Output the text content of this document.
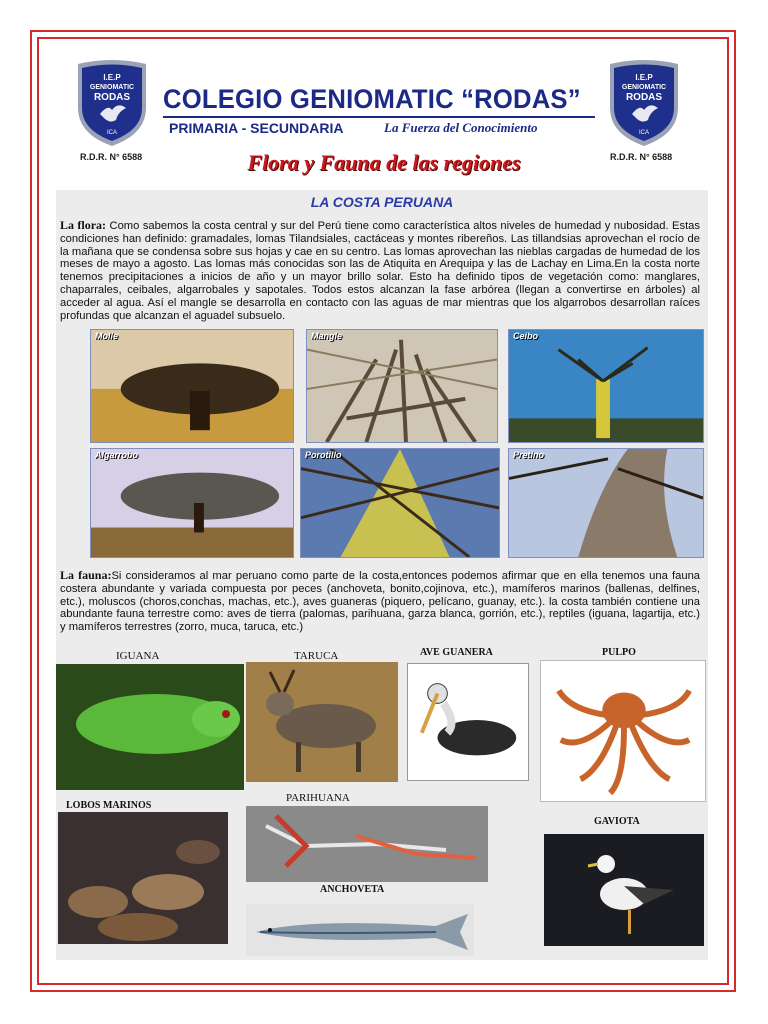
I.E.P
GENIOMATIC
RODAS
ICA
R.D.R. N° 6588
I.E.P
GENIOMATIC
RODAS
ICA
R.D.R. N° 6588
COLEGIO GENIOMATIC “RODAS”
PRIMARIA - SECUNDARIA	La Fuerza del Conocimiento
Flora y Fauna de las regiones
LA COSTA PERUANA
La flora: Como sabemos la costa central y sur del Perú tiene como característica altos niveles de humedad y nubosidad. Estas condiciones han definido: gramadales, lomas Tilandsiales, cactáceas y montes ribereños. Las tillandsias aprovechan el rocío de la mañana que se condensa sobre sus hojas y cae en su centro. Las lomas aprovechan las nieblas cargadas de humedad de los meses de mayo a agosto. Las lomas más conocidas son las de Atiquita en Arequipa y las de Lachay en Lima.En la costa norte tenemos precipitaciones a inicios de año y un mayor brillo solar. Esto ha definido tipos de vegetación como: manglares, chaparrales, ceibales, algarrobales y sapotales. Todos estos alcanzan la fase arbórea (llegan a convertirse en árboles) al acceder al agua. Así el mangle se desarrolla en contacto con las aguas de mar mientras que los algarrobos desarrollan raíces profundas que alcanzan el aguadel subsuelo.
Molle	Mangle	Ceibo
Algarrobo	Porotillo	Pretino
La fauna:Si consideramos al mar peruano como parte de la costa,entonces podemos afirmar que en ella tenemos una fauna costera abundante y variada compuesta por peces (anchoveta, bonito,cojinova, etc.), mamíferos marinos (ballenas, delfines, etc.), moluscos (choros,conchas, machas, etc.), aves guaneras (piquero, pelícano, guanay, etc.). la costa también contiene una abundante fauna terrestre como: aves de tierra (palomas, parihuana, garza blanca, gorrión, etc.), reptiles (iguana, lagartija, etc.) y mamíferos terrestres (zorro, muca, taruca, etc.)
IGUANA	TARUCA	AVE GUANERA	PULPO
LOBOS MARINOS
PARIHUANA
ANCHOVETA
GAVIOTA
